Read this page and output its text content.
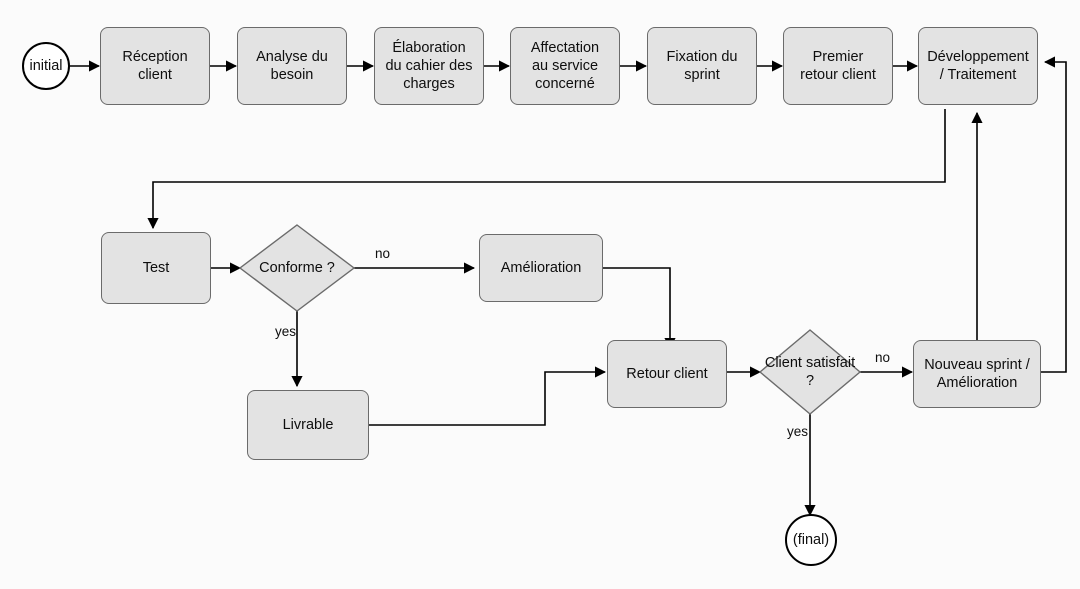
initial
Réception
client
Analyse du
besoin
Élaboration
du cahier des
charges
Affectation
au service
concerné
Fixation du
sprint
Premier
retour client
Développement
/ Traitement
Test	Conforme ?	Amélioration
Livrable
Retour client
Client satisfait ?
Nouveau sprint /
Amélioration
(final)
no
yes
no
yes
